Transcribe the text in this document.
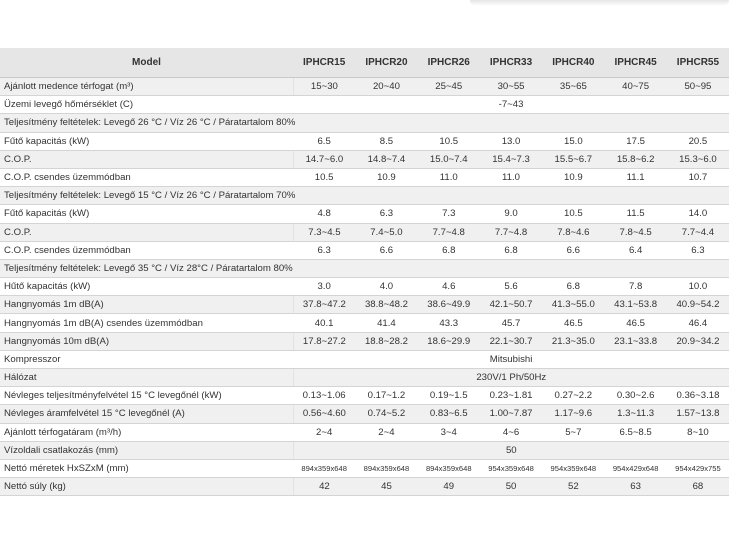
Model	IPHCR15	IPHCR20	IPHCR26	IPHCR33	IPHCR40	IPHCR45	IPHCR55
Ajánlott medence térfogat (m³)	15~30	20~40	25~45	30~55	35~65	40~75	50~95
Üzemi levegő hőmérséklet (C)	-7~43						
Teljesítmény feltételek: Levegő 26 °C / Víz 26 °C / Páratartalom 80%							
Fűtő kapacitás (kW)	6.5	8.5	10.5	13.0	15.0	17.5	20.5
C.O.P.	14.7~6.0	14.8~7.4	15.0~7.4	15.4~7.3	15.5~6.7	15.8~6.2	15.3~6.0
C.O.P. csendes üzemmódban	10.5	10.9	11.0	11.0	10.9	11.1	10.7
Teljesítmény feltételek: Levegő 15 °C / Víz 26 °C / Páratartalom 70%							
Fűtő kapacitás (kW)	4.8	6.3	7.3	9.0	10.5	11.5	14.0
C.O.P.	7.3~4.5	7.4~5.0	7.7~4.8	7.7~4.8	7.8~4.6	7.8~4.5	7.7~4.4
C.O.P. csendes üzemmódban	6.3	6.6	6.8	6.8	6.6	6.4	6.3
Teljesítmény feltételek: Levegő 35 °C / Víz 28°C / Páratartalom 80%							
Hűtő kapacitás (kW)	3.0	4.0	4.6	5.6	6.8	7.8	10.0
Hangnyomás 1m dB(A)	37.8~47.2	38.8~48.2	38.6~49.9	42.1~50.7	41.3~55.0	43.1~53.8	40.9~54.2
Hangnyomás 1m dB(A) csendes üzemmódban	40.1	41.4	43.3	45.7	46.5	46.5	46.4
Hangnyomás 10m dB(A)	17.8~27.2	18.8~28.2	18.6~29.9	22.1~30.7	21.3~35.0	23.1~33.8	20.9~34.2
Kompresszor	Mitsubishi						
Hálózat	230V/1 Ph/50Hz						
Névleges teljesítményfelvétel 15 °C levegőnél (kW)	0.13~1.06	0.17~1.2	0.19~1.5	0.23~1.81	0.27~2.2	0.30~2.6	0.36~3.18
Névleges áramfelvétel 15 °C levegőnél (A)	0.56~4.60	0.74~5.2	0.83~6.5	1.00~7.87	1.17~9.6	1.3~11.3	1.57~13.8
Ajánlott térfogatáram (m³/h)	2~4	2~4	3~4	4~6	5~7	6.5~8.5	8~10
Vízoldali csatlakozás (mm)	50						
Nettó méretek HxSZxM (mm)	894x359x648	894x359x648	894x359x648	954x359x648	954x359x648	954x429x648	954x429x755
Nettó súly (kg)	42	45	49	50	52	63	68
